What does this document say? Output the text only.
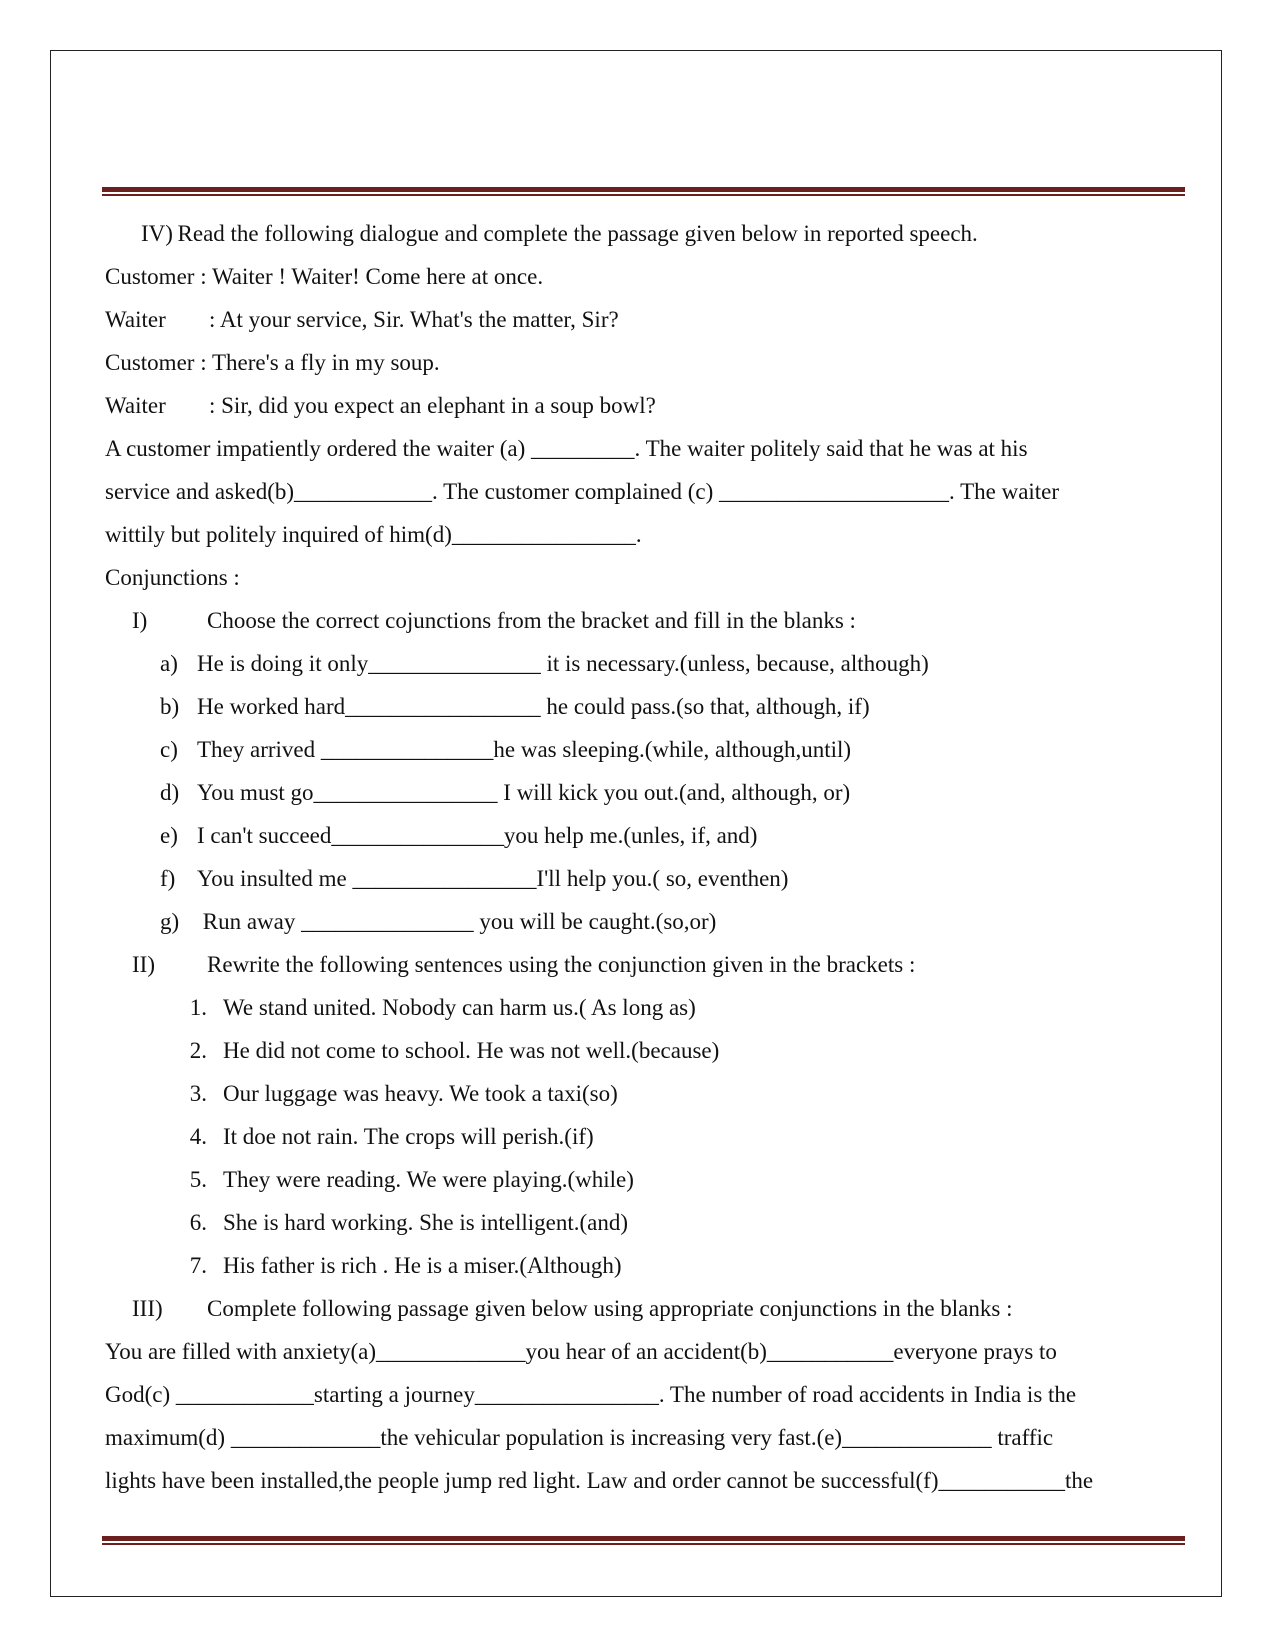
IV) Read the following dialogue and complete the passage given below in reported speech.
Customer : Waiter ! Waiter! Come here at once.
Waiter : At your service, Sir. What's the matter, Sir?
Customer : There's a fly in my soup.
Waiter : Sir, did you expect an elephant in a soup bowl?
A customer impatiently ordered the waiter (a) _________. The waiter politely said that he was at his
service and asked(b)____________. The customer complained (c) ____________________. The waiter
wittily but politely inquired of him(d)________________.
Conjunctions :
I)	Choose the correct cojunctions from the bracket and fill in the blanks :
a) He is doing it only_______________ it is necessary.(unless, because, although)
b) He worked hard_________________ he could pass.(so that, although, if)
c) They arrived _______________he was sleeping.(while, although,until)
d) You must go________________ I will kick you out.(and, although, or)
e) I can't succeed_______________you help me.(unles, if, and)
f) You insulted me ________________I'll help you.( so, eventhen)
g) Run away _______________ you will be caught.(so,or)
II) Rewrite the following sentences using the conjunction given in the brackets :
1. We stand united. Nobody can harm us.( As long as)
2. He did not come to school. He was not well.(because)
3. Our luggage was heavy. We took a taxi(so)
4. It doe not rain. The crops will perish.(if)
5. They were reading. We were playing.(while)
6. She is hard working. She is intelligent.(and)
7. His father is rich . He is a miser.(Although)
III) Complete following passage given below using appropriate conjunctions in the blanks :
You are filled with anxiety(a)_____________you hear of an accident(b)___________everyone prays to
God(c) ____________starting a journey________________. The number of road accidents in India is the
maximum(d) _____________the vehicular population is increasing very fast.(e)_____________ traffic
lights have been installed,the people jump red light. Law and order cannot be successful(f)___________the
